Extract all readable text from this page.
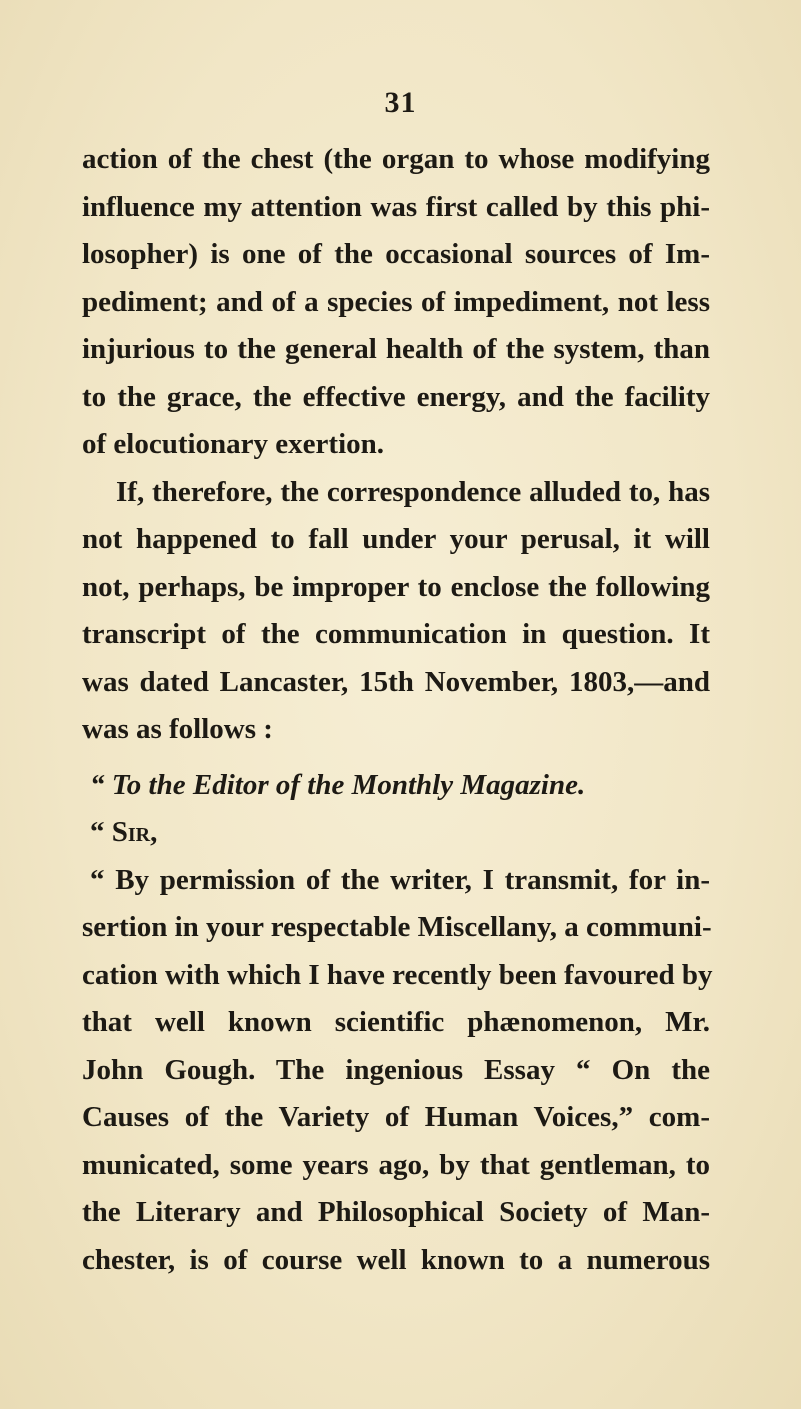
31
action of the chest (the organ to whose modifying
influence my attention was first called by this phi-
losopher) is one of the occasional sources of Im-
pediment; and of a species of impediment, not less
injurious to the general health of the system, than
to the grace, the effective energy, and the facility
of elocutionary exertion.
If, therefore, the correspondence alluded to, has
not happened to fall under your perusal, it will
not, perhaps, be improper to enclose the following
transcript of the communication in question. It
was dated Lancaster, 15th November, 1803,—and
was as follows :
“ To the Editor of the Monthly Magazine.
“ Sir,
“ By permission of the writer, I transmit, for in-
sertion in your respectable Miscellany, a communi-
cation with which I have recently been favoured by
that well known scientific phænomenon, Mr.
John Gough. The ingenious Essay “ On the
Causes of the Variety of Human Voices,” com-
municated, some years ago, by that gentleman, to
the Literary and Philosophical Society of Man-
chester, is of course well known to a numerous
